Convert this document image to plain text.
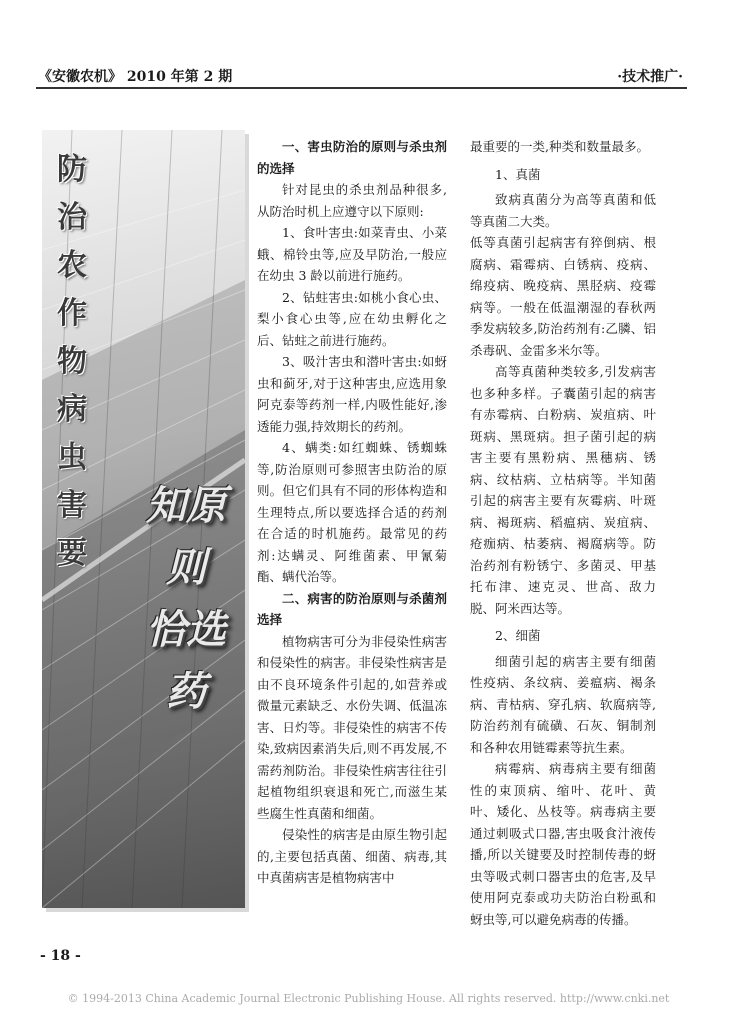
《安徽农机》 2010 年第 2 期	·技术推广·
防治农作物病虫害要
知原则 恰选药
一、害虫防治的原则与杀虫剂的选择

针对昆虫的杀虫剂品种很多,从防治时机上应遵守以下原则:

1、食叶害虫:如菜青虫、小菜蛾、棉铃虫等,应及早防治,一般应在幼虫 3 龄以前进行施药。

2、钻蛀害虫:如桃小食心虫、梨小食心虫等,应在幼虫孵化之后、钻蛀之前进行施药。

3、吸汁害虫和潜叶害虫:如蚜虫和蓟牙,对于这种害虫,应选用象阿克泰等药剂一样,内吸性能好,渗透能力强,持效期长的药剂。

4、螨类:如红蜘蛛、锈蜘蛛等,防治原则可参照害虫防治的原则。但它们具有不同的形体构造和生理特点,所以要选择合适的药剂在合适的时机施药。最常见的药剂:达螨灵、阿维菌素、甲氰菊酯、螨代治等。

二、病害的防治原则与杀菌剂选择

植物病害可分为非侵染性病害和侵染性的病害。非侵染性病害是由不良环境条件引起的,如营养或微量元素缺乏、水份失调、低温冻害、日灼等。非侵染性的病害不传染,致病因素消失后,则不再发展,不需药剂防治。非侵染性病害往往引起植物组织衰退和死亡,而滋生某些腐生性真菌和细菌。

侵染性的病害是由原生物引起的,主要包括真菌、细菌、病毒,其中真菌病害是植物病害中

最重要的一类,种类和数量最多。

1、真菌

致病真菌分为高等真菌和低等真菌二大类。

低等真菌引起病害有猝倒病、根腐病、霜霉病、白锈病、疫病、绵疫病、晚疫病、黑胫病、疫霉病等。一般在低温潮湿的春秋两季发病较多,防治药剂有:乙膦、铝杀毒矾、金雷多米尔等。

高等真菌种类较多,引发病害也多种多样。子囊菌引起的病害有赤霉病、白粉病、炭疽病、叶斑病、黑斑病。担子菌引起的病害主要有黑粉病、黑穗病、锈病、纹枯病、立枯病等。半知菌引起的病害主要有灰霉病、叶斑病、褐斑病、稻瘟病、炭疽病、疮痂病、枯萎病、褐腐病等。防治药剂有粉锈宁、多菌灵、甲基托布津、速克灵、世高、敌力脱、阿米西达等。

2、细菌

细菌引起的病害主要有细菌性疫病、条纹病、姜瘟病、褐条病、青枯病、穿孔病、软腐病等,防治药剂有硫磺、石灰、铜制剂和各种农用链霉素等抗生素。

病霉病、病毒病主要有细菌性的束顶病、缩叶、花叶、黄叶、矮化、丛枝等。病毒病主要通过刺吸式口器,害虫吸食汁液传播,所以关键要及时控制传毒的蚜虫等吸式刺口器害虫的危害,及早使用阿克泰或功夫防治白粉虱和蚜虫等,可以避免病毒的传播。

- 18 -
© 1994-2013 China Academic Journal Electronic Publishing House. All rights reserved. http://www.cnki.net
